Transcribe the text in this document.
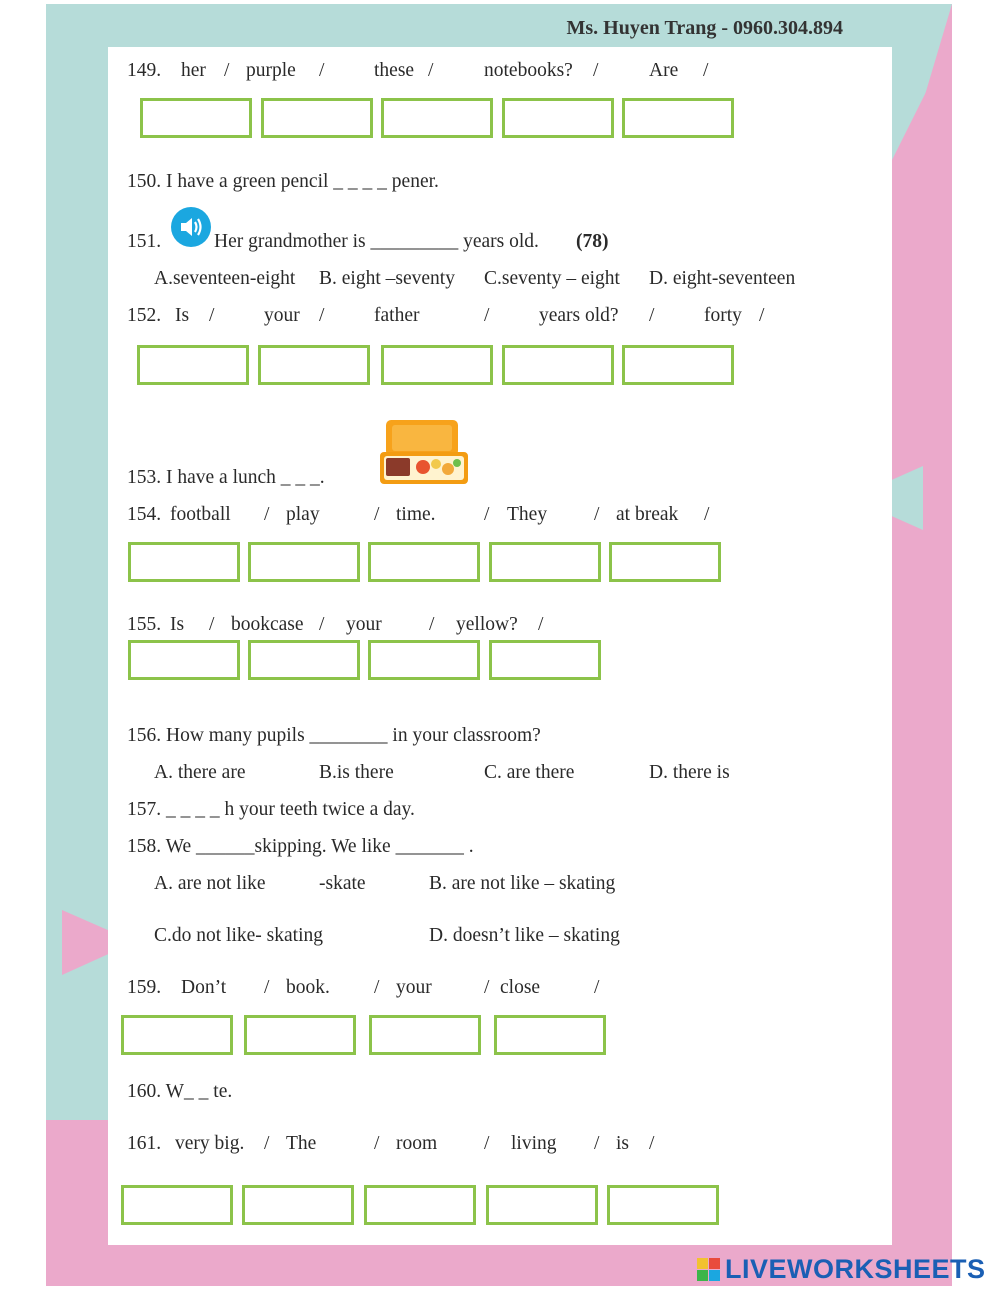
Ms. Huyen Trang - 0960.304.894
149. her / purple /	these /	notebooks? /	Are /
150. I have a green pencil _ _ _ _ pener.
151.	Her grandmother is _________ years old. (78)
A.seventeen-eight B. eight –seventy C.seventy – eight D. eight-seventeen
152. Is /	your /	father	/	years old? /	forty /
153. I have a lunch _ _ _.
154. football / play	/ time. / They / at break /
155. Is / bookcase / your / yellow? /
156. How many pupils ________ in your classroom?
A. there are	B.is there	C. are there	D. there is
157. _ _ _ _ h your teeth twice a day.
158. We ______skipping. We like _______ .
A. are not like	-skate	B. are not like – skating
C.do not like- skating	D. doesn’t like – skating
159. Don’t / book. / your	/ close	/
160. W_ _ te.
161. very big. / The	/ room / living / is /
LIVEWORKSHEETS
